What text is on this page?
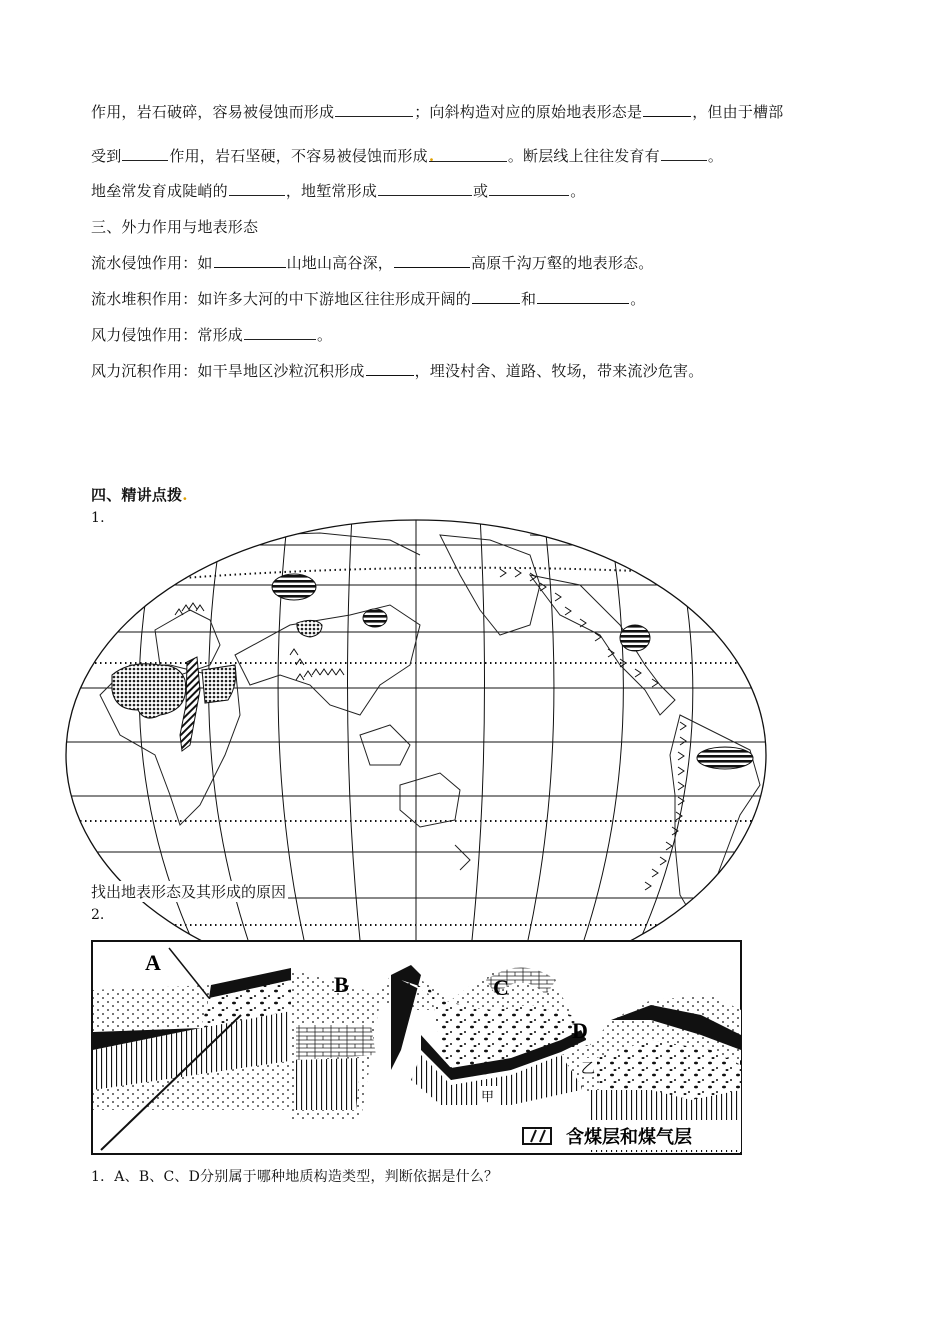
作用，岩石破碎，容易被侵蚀而形成	；向斜构造对应的原始地表形态是	，但由于槽部
受到	作用，岩石坚硬，不容易被侵蚀而形成.	。断层线上往往发育有	。
地垒常发育成陡峭的	，地堑常形成	或	。
三、外力作用与地表形态
流水侵蚀作用：如	山地山高谷深，	高原千沟万壑的地表形态。
流水堆积作用：如许多大河的中下游地区往往形成开阔的	和	。
风力侵蚀作用：常形成	。
风力沉积作用：如干旱地区沙粒沉积形成	，埋没村舍、道路、牧场，带来流沙危害。
四、精讲点拨.
1.
找出地表形态及其形成的原因
2.
A
B	C
D
乙
甲
含煤层和煤气层
1．A、B、C、D分别属于哪种地质构造类型，判断依据是什么？
